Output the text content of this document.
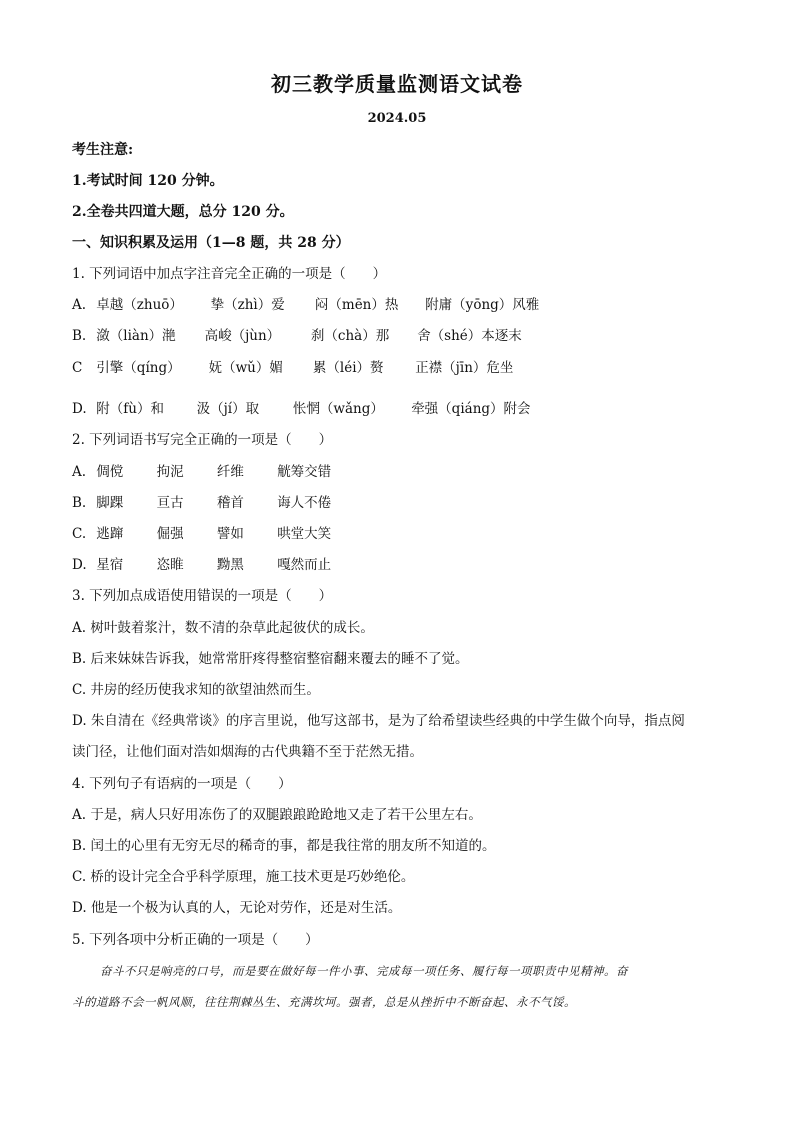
初三教学质量监测语文试卷
2024.05
考生注意:
1.考试时间 120 分钟。
2.全卷共四道大题，总分 120 分。
一、知识积累及运用（1—8 题，共 28 分）
1. 下列词语中加点字注音完全正确的一项是（　　）
A. 卓越（zhuō） 挚（zhì）爱 闷（mēn）热 附庸（yōng）风雅
B. 潋（liàn）滟 高峻（jùn） 刹（chà）那 舍（shé）本逐末
C 引擎（qíng） 妩（wǔ）媚 累（léi）赘 正襟（jīn）危坐
D. 附（fù）和 汲（jí）取	怅惘（wǎng） 牵强（qiáng）附会
2. 下列词语书写完全正确的一项是（　　）
A. 倜傥 拘泥 纤维 觥筹交错
B. 脚踝 亘古 稽首 诲人不倦
C. 逃蹿 倔强 譬如 哄堂大笑
D. 星宿 恣睢 黝黑 嘎然而止
3. 下列加点成语使用错误的一项是（　　）
A. 树叶鼓着浆汁，数不清的杂草此起彼伏的成长。
B. 后来妹妹告诉我，她常常肝疼得整宿整宿翻来覆去的睡不了觉。
C. 井房的经历使我求知的欲望油然而生。
D. 朱自清在《经典常谈》的序言里说，他写这部书，是为了给希望读些经典的中学生做个向导，指点阅
读门径，让他们面对浩如烟海的古代典籍不至于茫然无措。
4. 下列句子有语病的一项是（　　）
A. 于是，病人只好用冻伤了的双腿踉踉跄跄地又走了若干公里左右。
B. 闰土的心里有无穷无尽的稀奇的事，都是我往常的朋友所不知道的。
C. 桥的设计完全合乎科学原理，施工技术更是巧妙绝伦。
D. 他是一个极为认真的人，无论对劳作，还是对生活。
5. 下列各项中分析正确的一项是（　　）
奋斗不只是响亮的口号，而是要在做好每一件小事、完成每一项任务、履行每一项职责中见精神。奋
斗的道路不会一帆风顺，往往荆棘丛生、充满坎坷。强者，总是从挫折中不断奋起、永不气馁。
